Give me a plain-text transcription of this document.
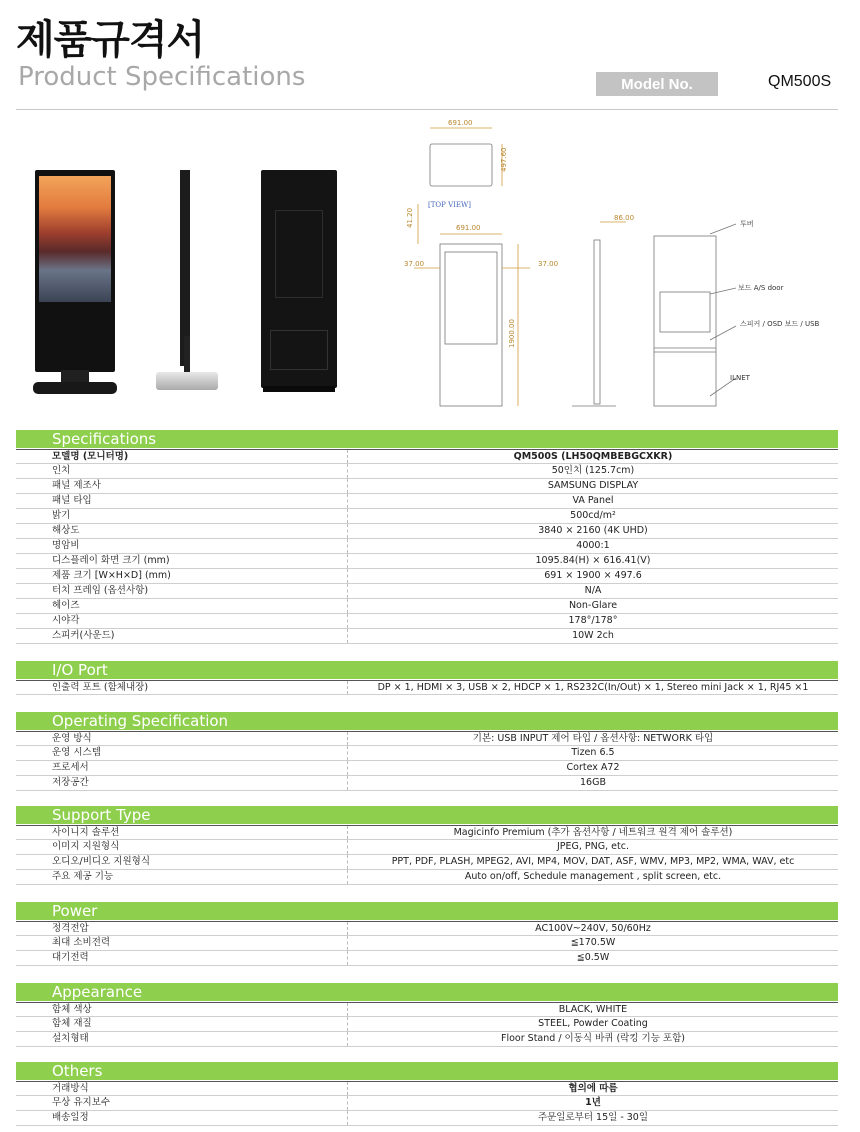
제품규격서
Product Specifications	Model No.	QM500S
691.00
497.60
[TOP VIEW]
691.00
41.20
37.00	37.00
1900.00
86.00
투버
보드 A/S door
스피커 / OSD 보드 / USB
ILNET
Specifications
모델명 (모니터명)	QM500S (LH50QMBEBGCXKR)
인치	50인치 (125.7cm)
패널 제조사	SAMSUNG DISPLAY
패널 타입	VA Panel
밝기	500cd/m²
해상도	3840 × 2160 (4K UHD)
명암비	4000:1
디스플레이 화면 크기 (mm)	1095.84(H) × 616.41(V)
제품 크기 [W×H×D] (mm)	691 × 1900 × 497.6
터치 프레임 (옵션사항)	N/A
헤이즈	Non-Glare
시야각	178°/178°
스피커(사운드)	10W 2ch
I/O Port
인출력 포트 (함체내장)	DP × 1, HDMI × 3, USB × 2, HDCP × 1, RS232C(In/Out) × 1, Stereo mini Jack × 1, RJ45 ×1
Operating Specification
운영 방식	기본: USB INPUT 제어 타입 / 옵션사항: NETWORK 타입
운영 시스템	Tizen 6.5
프로세서	Cortex A72
저장공간	16GB
Support Type
사이니지 솔루션	Magicinfo Premium (추가 옵션사항 / 네트워크 원격 제어 솔루션)
이미지 지원형식	JPEG, PNG, etc.
오디오/비디오 지원형식	PPT, PDF, PLASH, MPEG2, AVI, MP4, MOV, DAT, ASF, WMV, MP3, MP2, WMA, WAV, etc
주요 제공 기능	Auto on/off, Schedule management , split screen, etc.
Power
정격전압	AC100V~240V, 50/60Hz
최대 소비전력	≦170.5W
대기전력	≦0.5W
Appearance
함체 색상	BLACK, WHITE
함체 재질	STEEL, Powder Coating
설치형태	Floor Stand / 이동식 바퀴 (락킹 기능 포함)
Others
거래방식	협의에 따름
무상 유지보수	1년
배송일정	주문일로부터 15일 - 30일
